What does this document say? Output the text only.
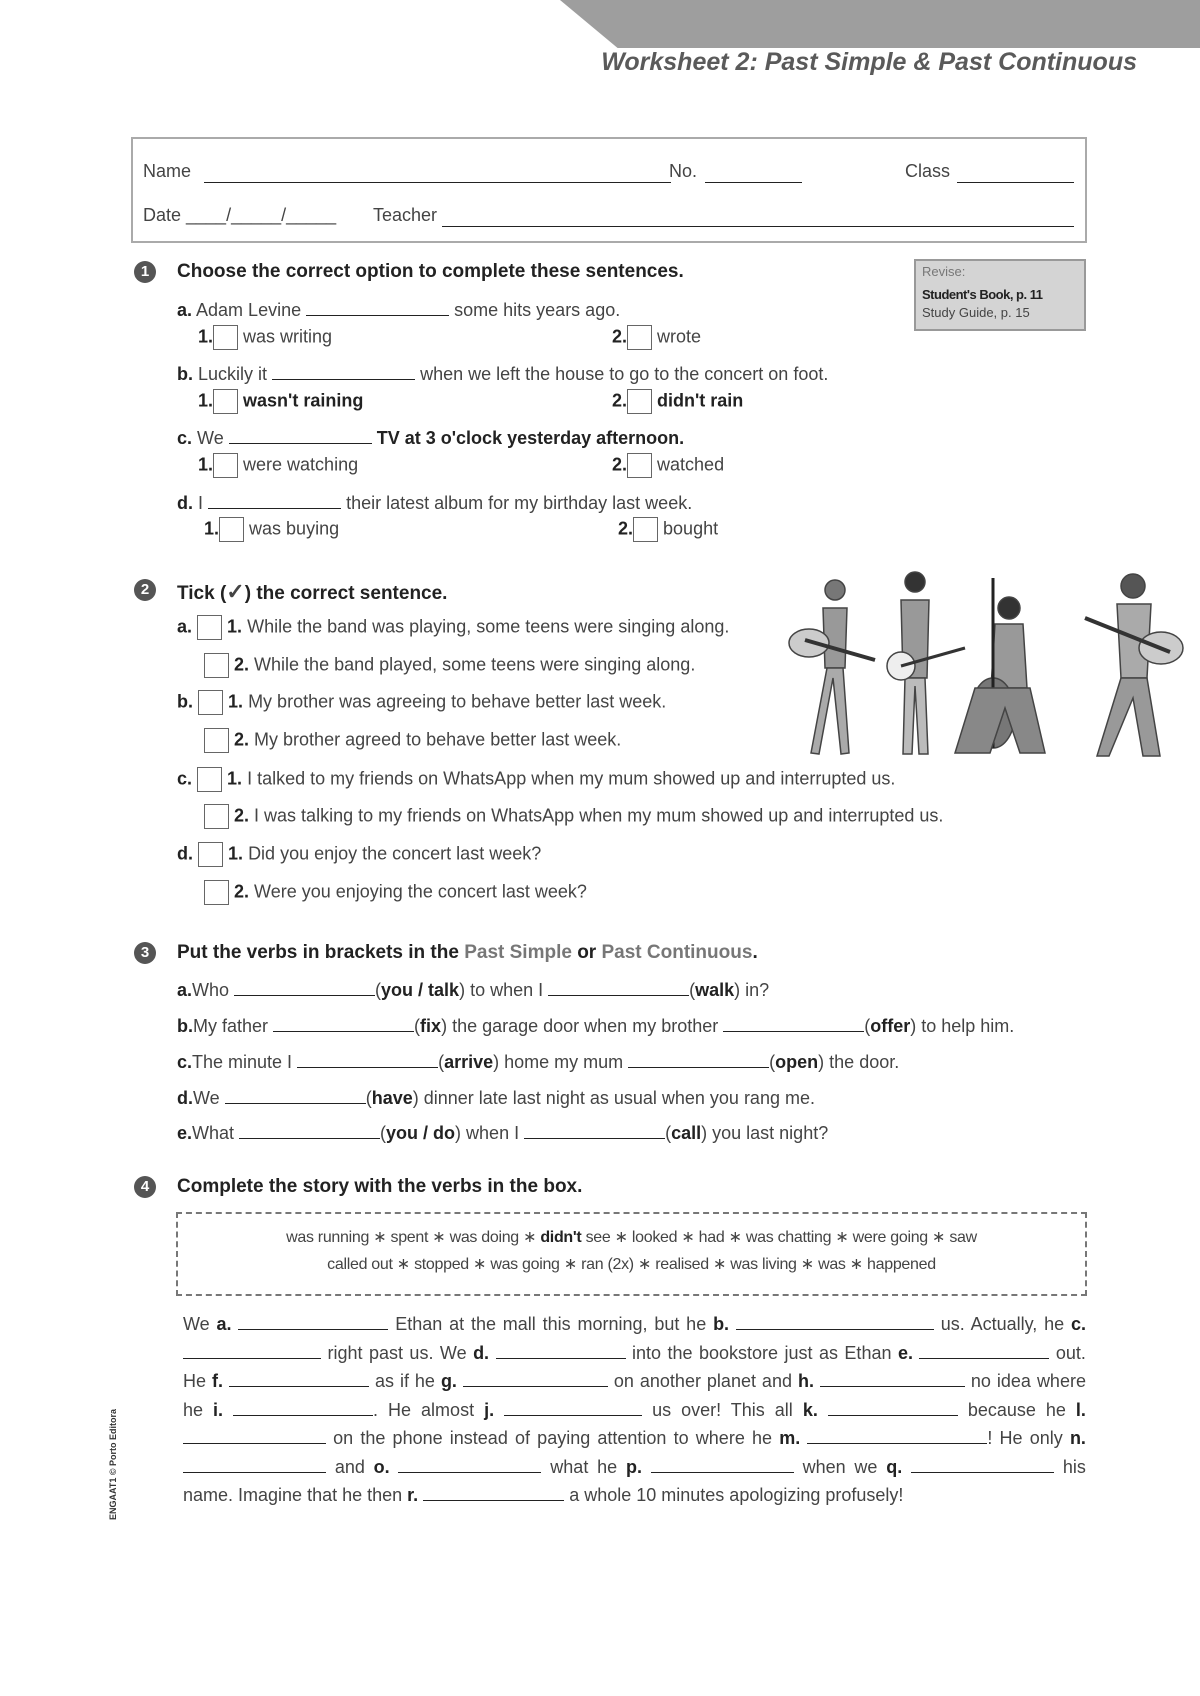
Worksheet 2: Past Simple & Past Continuous
Name	No.	Class
Date ____/_____/_____ Teacher
Revise:
Student's Book, p. 11
Study Guide, p. 15
1	Choose the correct option to complete these sentences.
a. Adam Levine	some hits years ago.
1. was writing	2. wrote
b. Luckily it	when we left the house to go to the concert on foot.
1. wasn't raining	2. didn't rain
c. We	TV at 3 o'clock yesterday afternoon.
1. were watching	2. watched
d. I	their latest album for my birthday last week.
1. was buying	2. bought
2	Tick (✓) the correct sentence.
a. 1. While the band was playing, some teens were singing along.
2. While the band played, some teens were singing along.
b. 1. My brother was agreeing to behave better last week.
2. My brother agreed to behave better last week.
c. 1. I talked to my friends on WhatsApp when my mum showed up and interrupted us.
2. I was talking to my friends on WhatsApp when my mum showed up and interrupted us.
d. 1. Did you enjoy the concert last week?
2. Were you enjoying the concert last week?
3	Put the verbs in brackets in the Past Simple or Past Continuous.
a.Who	(you / talk) to when I	(walk) in?
b.My father	(fix) the garage door when my brother	(offer) to help him.
c.The minute I	(arrive) home my mum	(open) the door.
d.We	(have) dinner late last night as usual when you rang me.
e.What	(you / do) when I	(call) you last night?
4	Complete the story with the verbs in the box.
was running ∗ spent ∗ was doing ∗ didn't see ∗ looked ∗ had ∗ was chatting ∗ were going ∗ saw
called out ∗ stopped ∗ was going ∗ ran (2x) ∗ realised ∗ was living ∗ was ∗ happened
We a.	Ethan at the mall this morning, but he b.	us. Actually, he c.  right past us. We d.	into the bookstore just as Ethan e.	out. He f.	as if he g.	on another planet and h.	no idea where he i.	. He almost j.	us over! This all k.	because he l.  on the phone instead of paying attention to where he m.	! He only n.  and o.	what he p.	when we q.	his name. Imagine that he then r.	a whole 10 minutes apologizing profusely!
ENGAAT1 © Porto Editora
